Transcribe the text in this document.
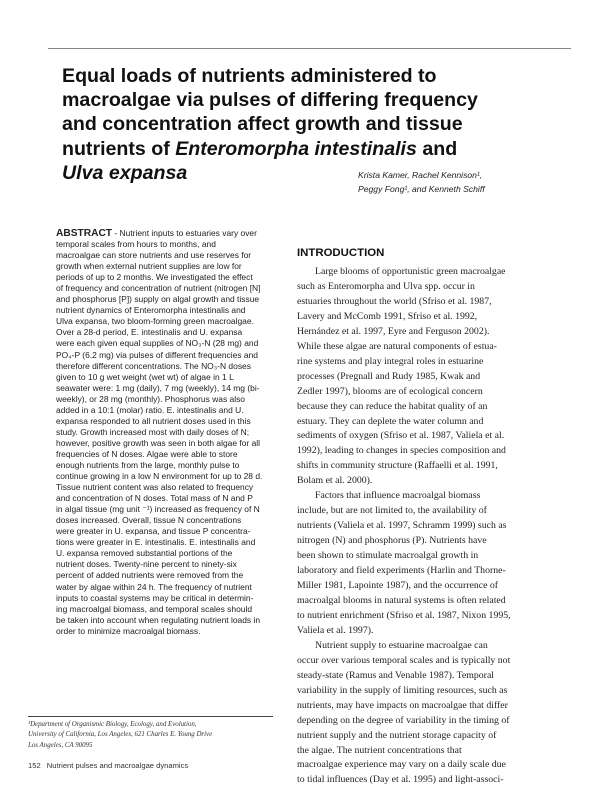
Equal loads of nutrients administered to
macroalgae via pulses of differing frequency
and concentration affect growth and tissue
nutrients of Enteromorpha intestinalis and
Ulva expansa	Krista Kamer, Rachel Kennison¹,
Peggy Fong¹, and Kenneth Schiff
ABSTRACT - Nutrient inputs to estuaries vary over
temporal scales from hours to months, and
macroalgae can store nutrients and use reserves for
growth when external nutrient supplies are low for
periods of up to 2 months. We investigated the effect
of frequency and concentration of nutrient (nitrogen [N]
and phosphorus [P]) supply on algal growth and tissue
nutrient dynamics of Enteromorpha intestinalis and
Ulva expansa, two bloom-forming green macroalgae.
Over a 28-d period, E. intestinalis and U. expansa
were each given equal supplies of NO₃-N (28 mg) and
PO₄-P (6.2 mg) via pulses of different frequencies and
therefore different concentrations. The NO₃-N doses
given to 10 g wet weight (wet wt) of algae in 1 L
seawater were: 1 mg (daily), 7 mg (weekly), 14 mg (bi-
weekly), or 28 mg (monthly). Phosphorus was also
added in a 10:1 (molar) ratio. E. intestinalis and U.
expansa responded to all nutrient doses used in this
study. Growth increased most with daily doses of N;
however, positive growth was seen in both algae for all
frequencies of N doses. Algae were able to store
enough nutrients from the large, monthly pulse to
continue growing in a low N environment for up to 28 d.
Tissue nutrient content was also related to frequency
and concentration of N doses. Total mass of N and P
in algal tissue (mg unit ⁻¹) increased as frequency of N
doses increased. Overall, tissue N concentrations
were greater in U. expansa, and tissue P concentra-
tions were greater in E. intestinalis. E. intestinalis and
U. expansa removed substantial portions of the
nutrient doses. Twenty-nine percent to ninety-six
percent of added nutrients were removed from the
water by algae within 24 h. The frequency of nutrient
inputs to coastal systems may be critical in determin-
ing macroalgal biomass, and temporal scales should
be taken into account when regulating nutrient loads in
order to minimize macroalgal biomass.
INTRODUCTION
Large blooms of opportunistic green macroalgae
such as Enteromorpha and Ulva spp. occur in
estuaries throughout the world (Sfriso et al. 1987,
Lavery and McComb 1991, Sfriso et al. 1992,
Hernández et al. 1997, Eyre and Ferguson 2002).
While these algae are natural components of estua-
rine systems and play integral roles in estuarine
processes (Pregnall and Rudy 1985, Kwak and
Zedler 1997), blooms are of ecological concern
because they can reduce the habitat quality of an
estuary. They can deplete the water column and
sediments of oxygen (Sfriso et al. 1987, Valiela et al.
1992), leading to changes in species composition and
shifts in community structure (Raffaelli et al. 1991,
Bolam et al. 2000).
Factors that influence macroalgal biomass
include, but are not limited to, the availability of
nutrients (Valiela et al. 1997, Schramm 1999) such as
nitrogen (N) and phosphorus (P). Nutrients have
been shown to stimulate macroalgal growth in
laboratory and field experiments (Harlin and Thorne-
Miller 1981, Lapointe 1987), and the occurrence of
macroalgal blooms in natural systems is often related
to nutrient enrichment (Sfriso et al. 1987, Nixon 1995,
Valiela et al. 1997).
Nutrient supply to estuarine macroalgae can
occur over various temporal scales and is typically not
steady-state (Ramus and Venable 1987). Temporal
variability in the supply of limiting resources, such as
nutrients, may have impacts on macroalgae that differ
depending on the degree of variability in the timing of
nutrient supply and the nutrient storage capacity of
the algae. The nutrient concentrations that
macroalgae experience may vary on a daily scale due
to tidal influences (Day et al. 1995) and light-associ-
¹Department of Organismic Biology, Ecology, and Evolution,
University of California, Los Angeles, 621 Charles E. Young Drive
Los Angeles, CA 90095
152 Nutrient pulses and macroalgae dynamics
